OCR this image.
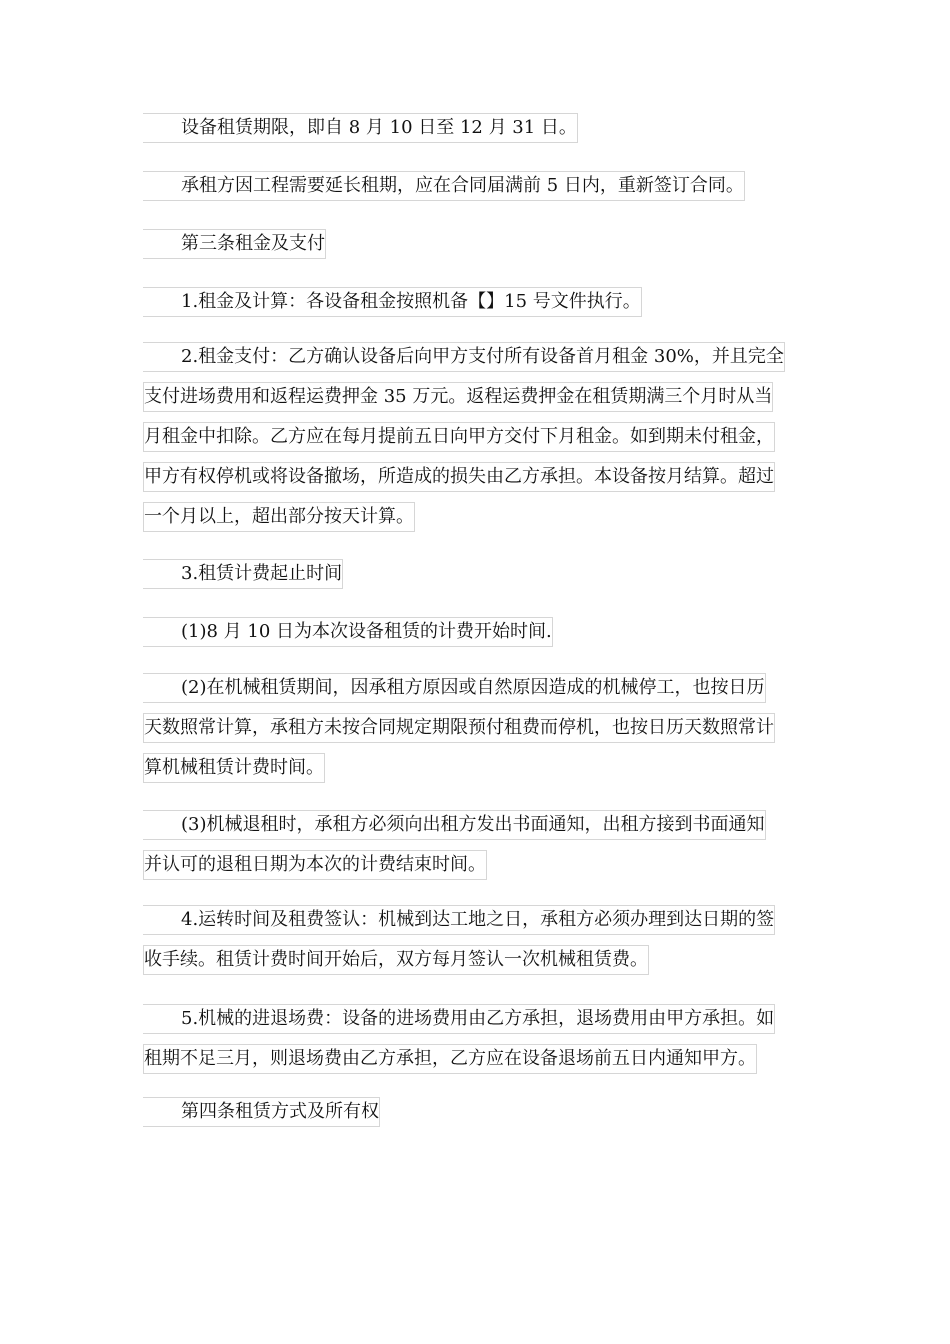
设备租赁期限，即自 8 月 10 日至 12 月 31 日。
承租方因工程需要延长租期，应在合同届满前 5 日内，重新签订合同。
第三条租金及支付
1.租金及计算：各设备租金按照机备【】15 号文件执行。
2.租金支付：乙方确认设备后向甲方支付所有设备首月租金 30%，并且完全
支付进场费用和返程运费押金 35 万元。返程运费押金在租赁期满三个月时从当
月租金中扣除。乙方应在每月提前五日向甲方交付下月租金。如到期未付租金，
甲方有权停机或将设备撤场，所造成的损失由乙方承担。本设备按月结算。超过
一个月以上，超出部分按天计算。
3.租赁计费起止时间
(1)8 月 10 日为本次设备租赁的计费开始时间.
(2)在机械租赁期间，因承租方原因或自然原因造成的机械停工，也按日历
天数照常计算，承租方未按合同规定期限预付租费而停机，也按日历天数照常计
算机械租赁计费时间。
(3)机械退租时，承租方必须向出租方发出书面通知，出租方接到书面通知
并认可的退租日期为本次的计费结束时间。
4.运转时间及租费签认：机械到达工地之日，承租方必须办理到达日期的签
收手续。租赁计费时间开始后，双方每月签认一次机械租赁费。
5.机械的进退场费：设备的进场费用由乙方承担，退场费用由甲方承担。如
租期不足三月，则退场费由乙方承担，乙方应在设备退场前五日内通知甲方。
第四条租赁方式及所有权
